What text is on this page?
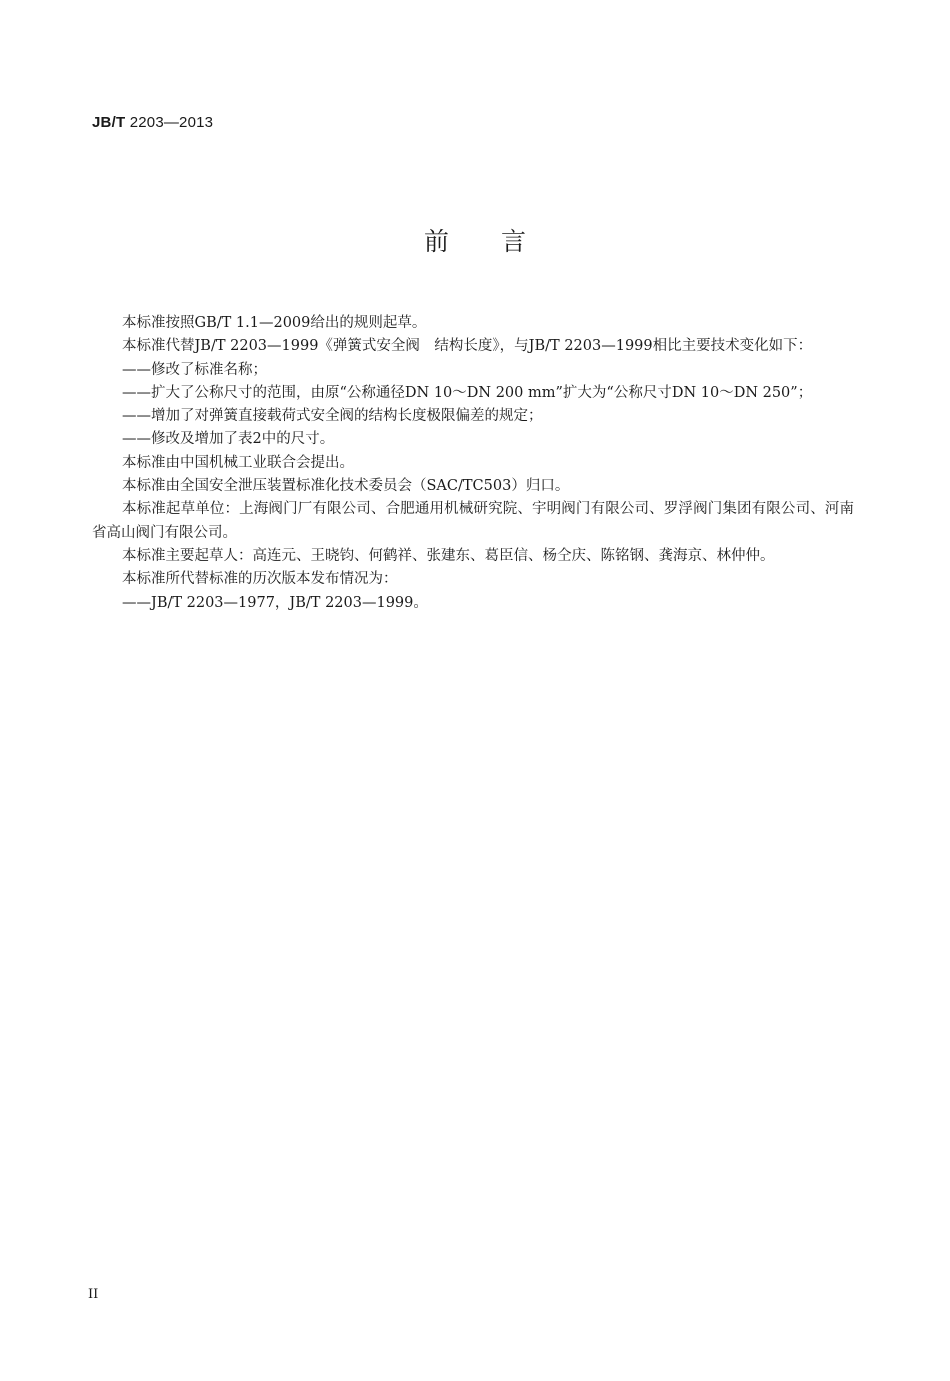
JB/T 2203—2013
前言

本标准按照GB/T 1.1—2009给出的规则起草。

本标准代替JB/T 2203—1999《弹簧式安全阀　结构长度》，与JB/T 2203—1999相比主要技术变化如下：

——修改了标准名称；

——扩大了公称尺寸的范围，由原“公称通径DN 10～DN 200 mm”扩大为“公称尺寸DN 10～DN 250”；

——增加了对弹簧直接载荷式安全阀的结构长度极限偏差的规定；

——修改及增加了表2中的尺寸。

本标准由中国机械工业联合会提出。

本标准由全国安全泄压装置标准化技术委员会（SAC/TC503）归口。

本标准起草单位：上海阀门厂有限公司、合肥通用机械研究院、宇明阀门有限公司、罗浮阀门集团有限公司、河南省高山阀门有限公司。

本标准主要起草人：高连元、王晓钧、何鹤祥、张建东、葛臣信、杨仝庆、陈铭钢、龚海京、林仲仲。

本标准所代替标准的历次版本发布情况为：

——JB/T 2203—1977，JB/T 2203—1999。

II
